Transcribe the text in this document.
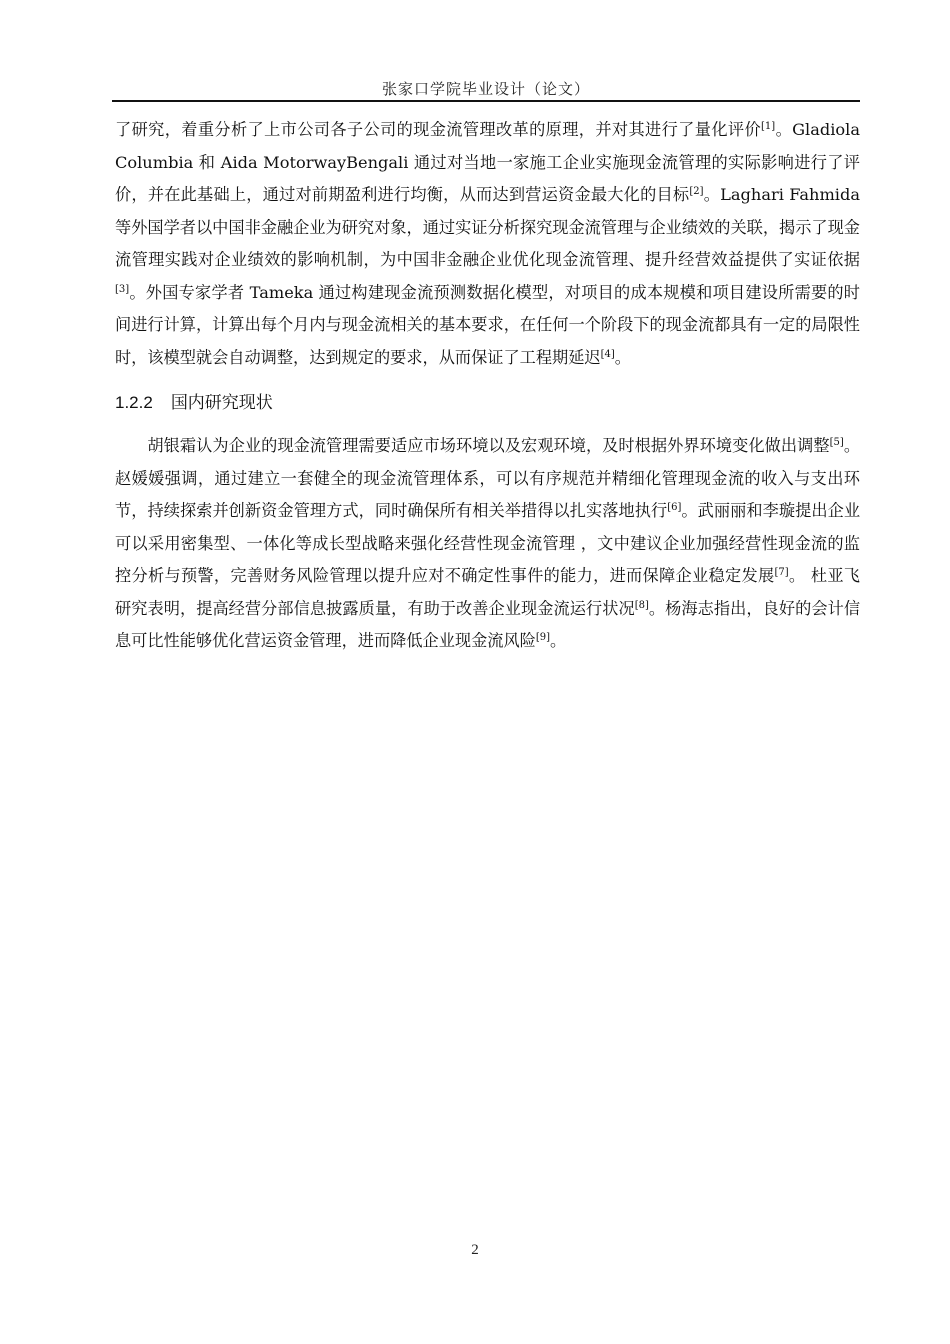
张家口学院毕业设计（论文）

了研究，着重分析了上市公司各子公司的现金流管理改革的原理，并对其进行了量化评价[1]。Gladiola Columbia 和 Aida MotorwayBengali 通过对当地一家施工企业实施现金流管理的实际影响进行了评价，并在此基础上，通过对前期盈利进行均衡，从而达到营运资金最大化的目标[2]。Laghari Fahmida 等外国学者以中国非金融企业为研究对象，通过实证分析探究现金流管理与企业绩效的关联，揭示了现金流管理实践对企业绩效的影响机制，为中国非金融企业优化现金流管理、提升经营效益提供了实证依据[3]。外国专家学者 Tameka 通过构建现金流预测数据化模型，对项目的成本规模和项目建设所需要的时间进行计算，计算出每个月内与现金流相关的基本要求，在任何一个阶段下的现金流都具有一定的局限性时，该模型就会自动调整，达到规定的要求，从而保证了工程期延迟[4]。

1.2.2 国内研究现状

胡银霜认为企业的现金流管理需要适应市场环境以及宏观环境，及时根据外界环境变化做出调整[5]。赵媛媛强调，通过建立一套健全的现金流管理体系，可以有序规范并精细化管理现金流的收入与支出环节，持续探索并创新资金管理方式，同时确保所有相关举措得以扎实落地执行[6]。武丽丽和李璇提出企业可以采用密集型、一体化等成长型战略来强化经营性现金流管理 ，文中建议企业加强经营性现金流的监控分析与预警，完善财务风险管理以提升应对不确定性事件的能力，进而保障企业稳定发展[7]。 杜亚飞研究表明，提高经营分部信息披露质量，有助于改善企业现金流运行状况[8]。杨海志指出，良好的会计信息可比性能够优化营运资金管理，进而降低企业现金流风险[9]。

2
